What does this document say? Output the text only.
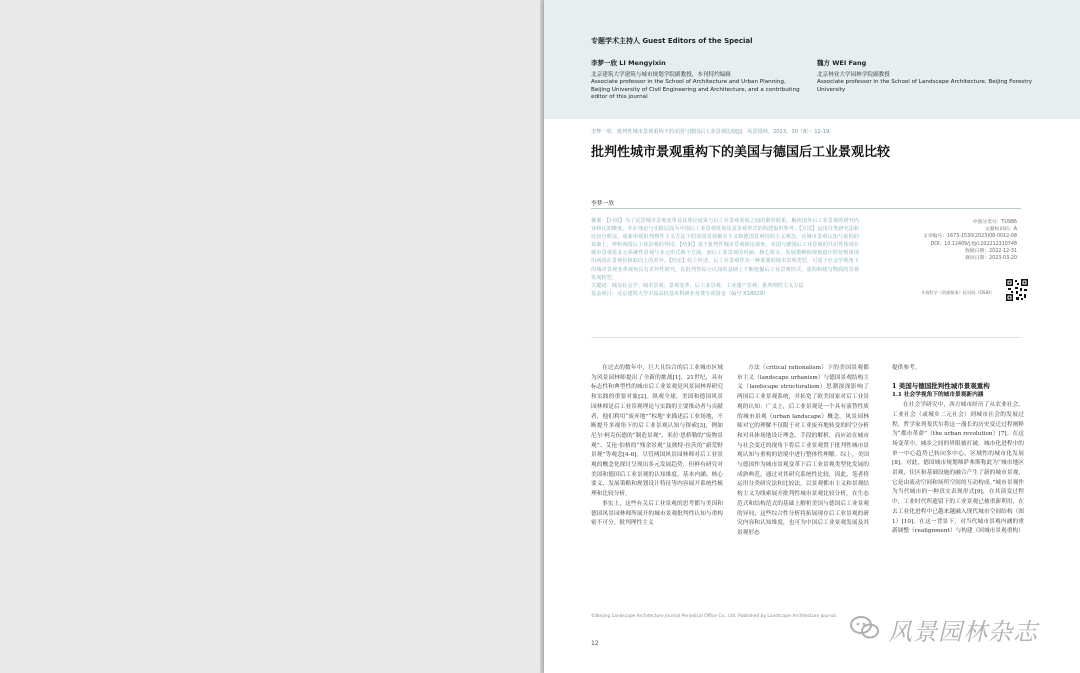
专题学术主持人 Guest Editors of the Special
李梦一欣 LI Mengyixin
北京建筑大学建筑与城市规划学院副教授，本刊特约编辑
Associate professor in the School of Architecture and Urban Planning, Beijing University of Civil Engineering and Architecture, and a contributing editor of this journal
魏方 WEI Fang
北京林业大学园林学院副教授
Associate professor in the School of Landscape Architecture, Beijing Forestry University
李梦一欣．批判性城市景观重构下的美国与德国后工业景观比较[J]．风景园林，2023，30（8）：12-19.
批判性城市景观重构下的美国与德国后工业景观比较
李梦一欣
摘要：【目的】为了反思城市景观变革及其理论成果与后工业景观发展之间的紧密联系，解读国外后工业景观的研究内容和认知维度，并在理论与实践层面为中国后工业景观发展及其景观形式的构建提供参考。【方法】运用分类研究法和比较分析法，重新审视批判理性主义方法下的美国景观都市主义和德国景观结构主义观念，在城市景观认知与重构的基础上，辨析两国后工业景观的异同。【结果】基于批判性城市景观理论视角，美国与德国后工业景观的共识性体现在城市景观是多元系统性景观与多元形式两个方面，而后工业景观的内涵、核心要义、发展策略和规划设计特征则体现出两国在景观价值取向上的差异。【结论】综上所述，后工业景观作为一种重要的城市景观类型，可基于社会学视角下的城市景观变革视角具有差异性研究，在批判性综合认知的基础上不断挖掘后工业景观形式，重构和续写物质的景观发展转型。
关键词：城市社会学；城市景观；景观变革；后工业景观；工业遗产景观；批判理性主义方法
基金项目：北京建筑大学市属高校基本科研业务费专项资金（编号 X18029）
中图分类号：TU986
文献标识码：A
文章编号：1673-1530(2023)08-0012-08
DOI：10.12409/j.fjyl.202212310748
收稿日期：2022-12-31
修回日期：2023-03-20
开放科学（资源服务）标识码（OSID）

在过去的数年中，巨大且综合的后工业城市区域为风景园林师提出了全新的挑战[1]。21世纪，具有标志性和典型性的城市后工业景观是风景园林界研究和实践的重要对象[2]。纵观全球，美国和德国风景园林师是后工业景观理论与实践的主要推动者与贡献者，他们利用“废弃地”“棕地”来描述后工业场地，不断提升多视角下的后工业景观认知与探索[3]，例如尼尔·柯克伍德的“制造景观”、米拉·思桥勒的“废物景观”、艾伦·伯格的“残余景观”及彼特·拉茨的“新荒野景观”等观念[4-6]。尽管两国风景园林师对后工业景观的概念化探讨呈现出多元发展趋势，但鲜有研究对美国和德国后工业景观的认知维度、基本内涵、核心要义、发展策略和规划设计特征等内容展开系统性梳理和比较分析。

事实上，这些有关后工业景观的思考都与美国和德国风景园林师所展开的城市景观批判性认知与重构密不可分。批判理性主义

方法（critical rationalism）下的美国景观都市主义（landscape urbanism）与德国景观结构主义（landscape structuralism）思潮深深影响了两国后工业景观系统，并拓宽了欧美国家对后工业景观的认知：广义上，后工业景观是一个具有演替性质的城市景观（urban landscape）概念。风景园林师对它的理解不仅限于对工业废弃地转变的时空分析和对具体场地设计理念、手段的解析，而应站在城市与社会变迁的视角下将后工业景观置于批判性城市景观认知与重构的语境中进行整体性理解。综上，美国与德国作为城市景观变革下后工业景观类型化发展的成熟典范，通过对其研究系统性比较，因此，笔者将运用分类研究法和比较法，以景观都市主义和景观结构主义为线索展开批判性城市景观比较分析，在生态范式和结构范式的基础上解析美国与德国后工业景观的异同，这些综合性分析将拓展现存后工业景观的研究内容和认知维度，也可为中国后工业景观发展及其景观形态

提供参考。

1 美国与德国批判性城市景观重构

1.1 社会学视角下的城市景观新内涵

在社会学研究中，西方城市经历了从农业社会、工业社会（或城乡二元社会）到城市社会的发展过程，哲学家列斐伏尔将这一漫长的历史变迁过程阐释为“都市革命”（the urban revolution）[7]。在这场变革中，城乡之间的界限被打破，城市化进程中的单一中心趋势已转向多中心、区域性的城市化发展[8]。对此，德国城市规划师萨弗斯称此为“城市地区景观，住区和基础设施的融合产生了新的城市景观，它是由流动空间和场所空间的互动构成。”城市景观作为当代城市的一种真实表现形式[9]，在其演变过程中，工业时代所遗留下的工业景观已被重新利用，在去工业化进程中已越来越融入现代城市空间结构（图1）[10]。在这一背景下，对当代城市景观内涵的重新调整（realignment）与构建（回城市景观重构）

©Beijing Landscape Architecture Journal Periodical Office Co., Ltd. Published by Landscape Architecture Journal.
12	风景园林杂志
